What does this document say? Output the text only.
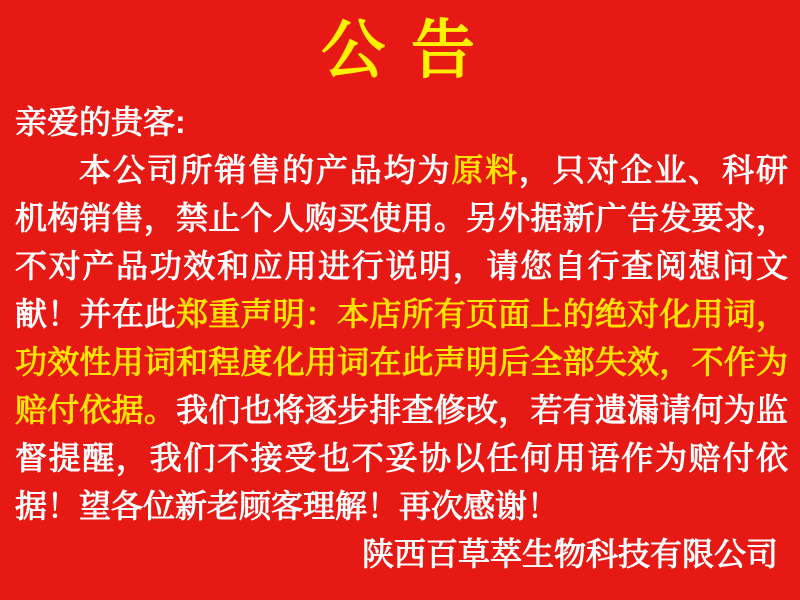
公 告
亲爱的贵客:
本公司所销售的产品均为原料，只对企业、科研
机构销售，禁止个人购买使用。另外据新广告发要求，
不对产品功效和应用进行说明，请您自行查阅想问文
献！并在此郑重声明：本店所有页面上的绝对化用词，
功效性用词和程度化用词在此声明后全部失效，不作为
赔付依据。我们也将逐步排查修改，若有遗漏请何为监
督提醒，我们不接受也不妥协以任何用语作为赔付依
据！望各位新老顾客理解！再次感谢！
陕西百草萃生物科技有限公司
